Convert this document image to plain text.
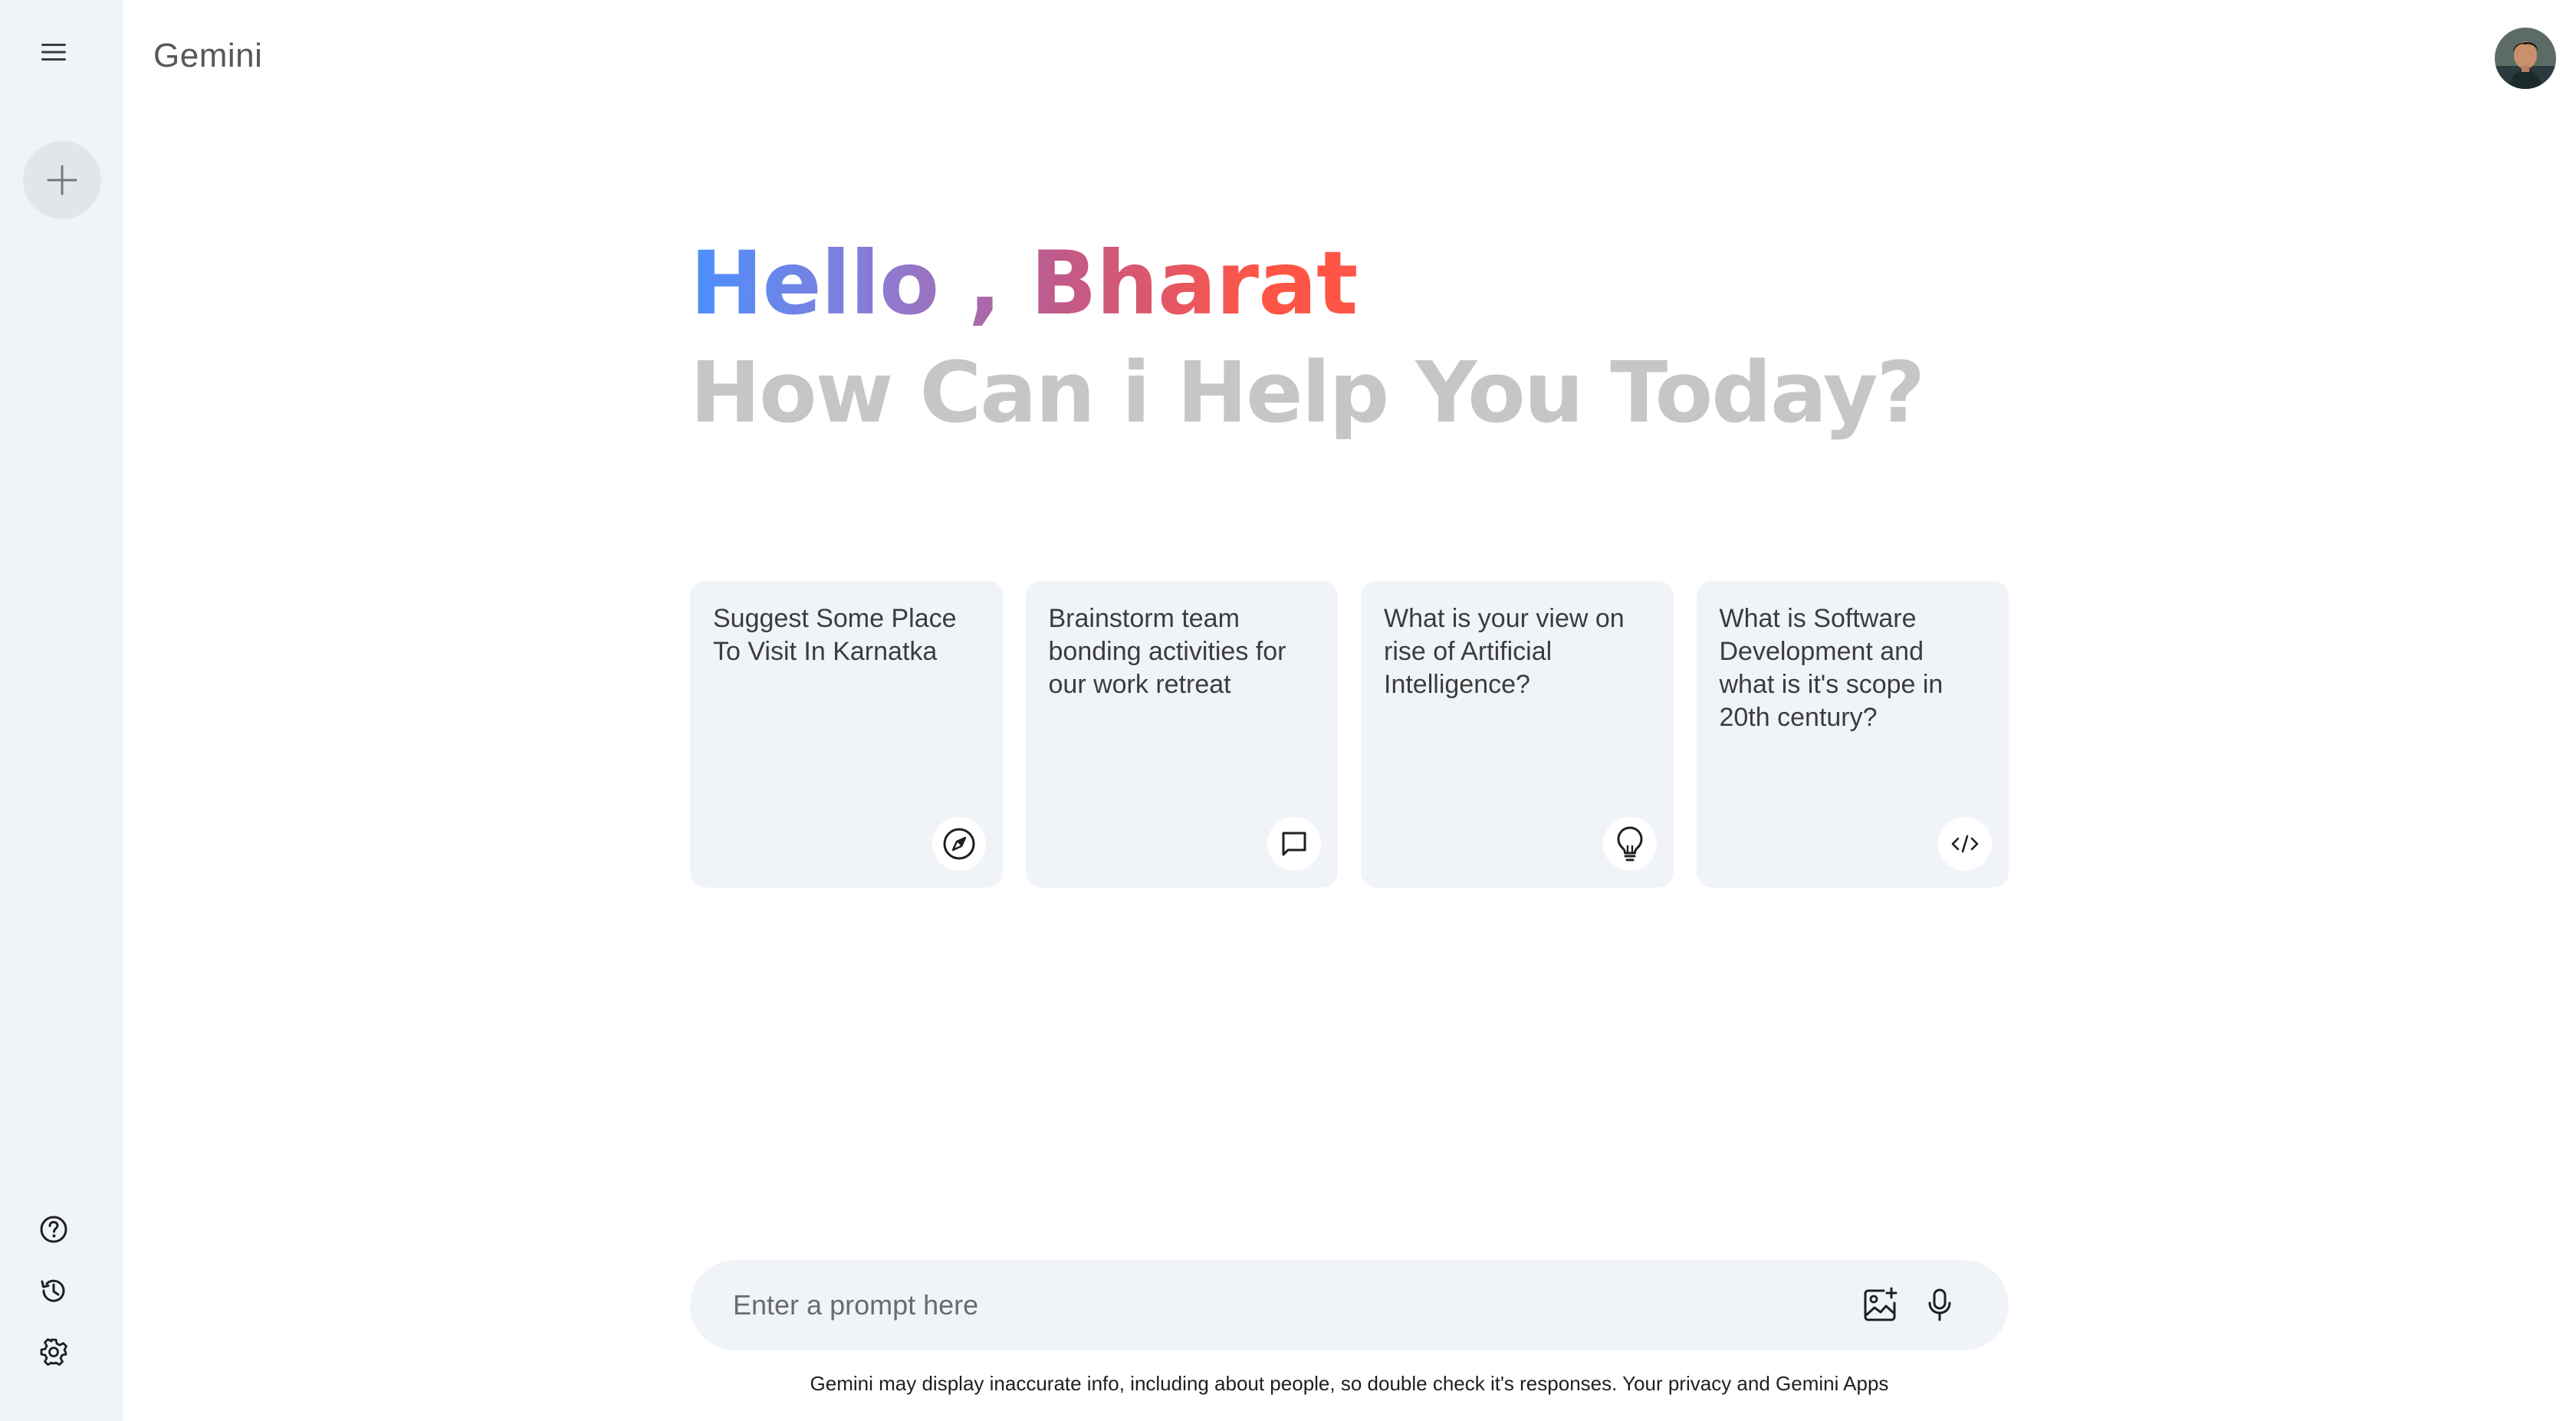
Gemini
Hello , Bharat
How Can i Help You Today?
Suggest Some Place To Visit In Karnatka
Brainstorm team bonding activities for our work retreat
What is your view on rise of Artificial Intelligence?
What is Software Development and what is it's scope in 20th century?
Enter a prompt here
Gemini may display inaccurate info, including about people, so double check it's responses. Your privacy and Gemini Apps
